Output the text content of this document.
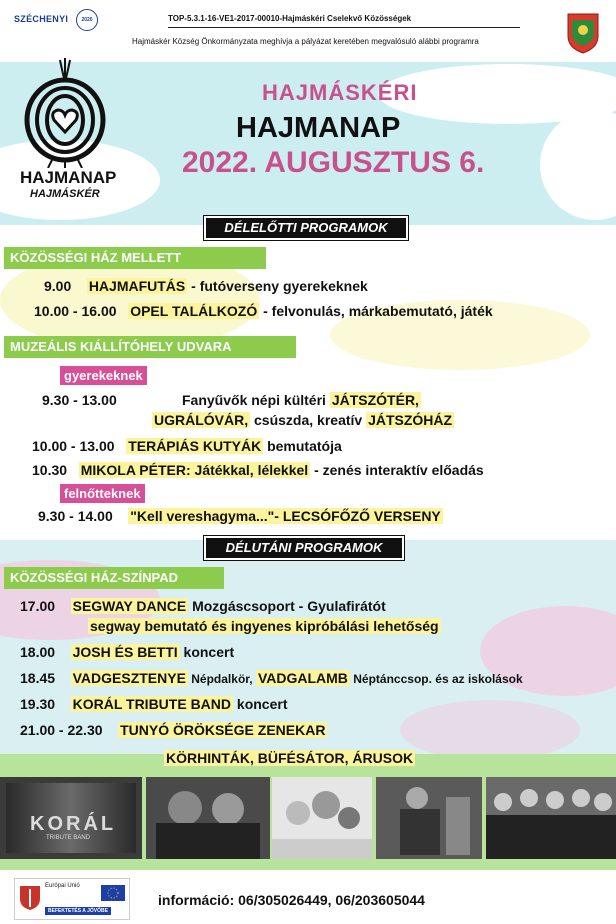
SZÉCHENYI	2020	TOP-5.3.1-16-VE1-2017-00010-Hajmáskéri Cselekvő Közösségek
Hajmáskér Község Önkormányzata meghívja a pályázat keretében megvalósuló alábbi programra
HAJMANAP
HAJMÁSKÉR
HAJMÁSKÉRI
HAJMANAP
2022. AUGUSZTUS 6.
DÉLELŐTTI PROGRAMOK
KÖZÖSSÉGI HÁZ MELLETT
9.00 HAJMAFUTÁS - futóverseny gyerekeknek
10.00 - 16.00 OPEL TALÁLKOZÓ - felvonulás, márkabemutató, játék
MUZEÁLIS KIÁLLÍTÓHELY UDVARA
gyerekeknek
9.30 - 13.00	Fanyűvők népi kültéri JÁTSZÓTÉR,
UGRÁLÓVÁR, csúszda, kreatív JÁTSZÓHÁZ
10.00 - 13.00 TERÁPIÁS KUTYÁK bemutatója
10.30 MIKOLA PÉTER: Játékkal, lélekkel - zenés interaktív előadás
felnőtteknek
9.30 - 14.00 "Kell vereshagyma..."- LECSÓFŐZŐ VERSENY
DÉLUTÁNI PROGRAMOK
KÖZÖSSÉGI HÁZ-SZÍNPAD
17.00 SEGWAY DANCE Mozgáscsoport - Gyulafirátót
segway bemutató és ingyenes kipróbálási lehetőség
18.00 JOSH ÉS BETTI koncert
18.45 VADGESZTENYE Népdalkör, VADGALAMB Néptánccsop. és az iskolások
19.30 KORÁL TRIBUTE BAND koncert
21.00 - 22.30 TUNYÓ ÖRÖKSÉGE ZENEKAR
KÖRHINTÁK, BÜFÉSÁTOR, ÁRUSOK
KORÁL
TRIBUTE BAND
Európai Unió
BEFEKTETÉS A JÖVŐBE
információ: 06/305026449, 06/203605044
